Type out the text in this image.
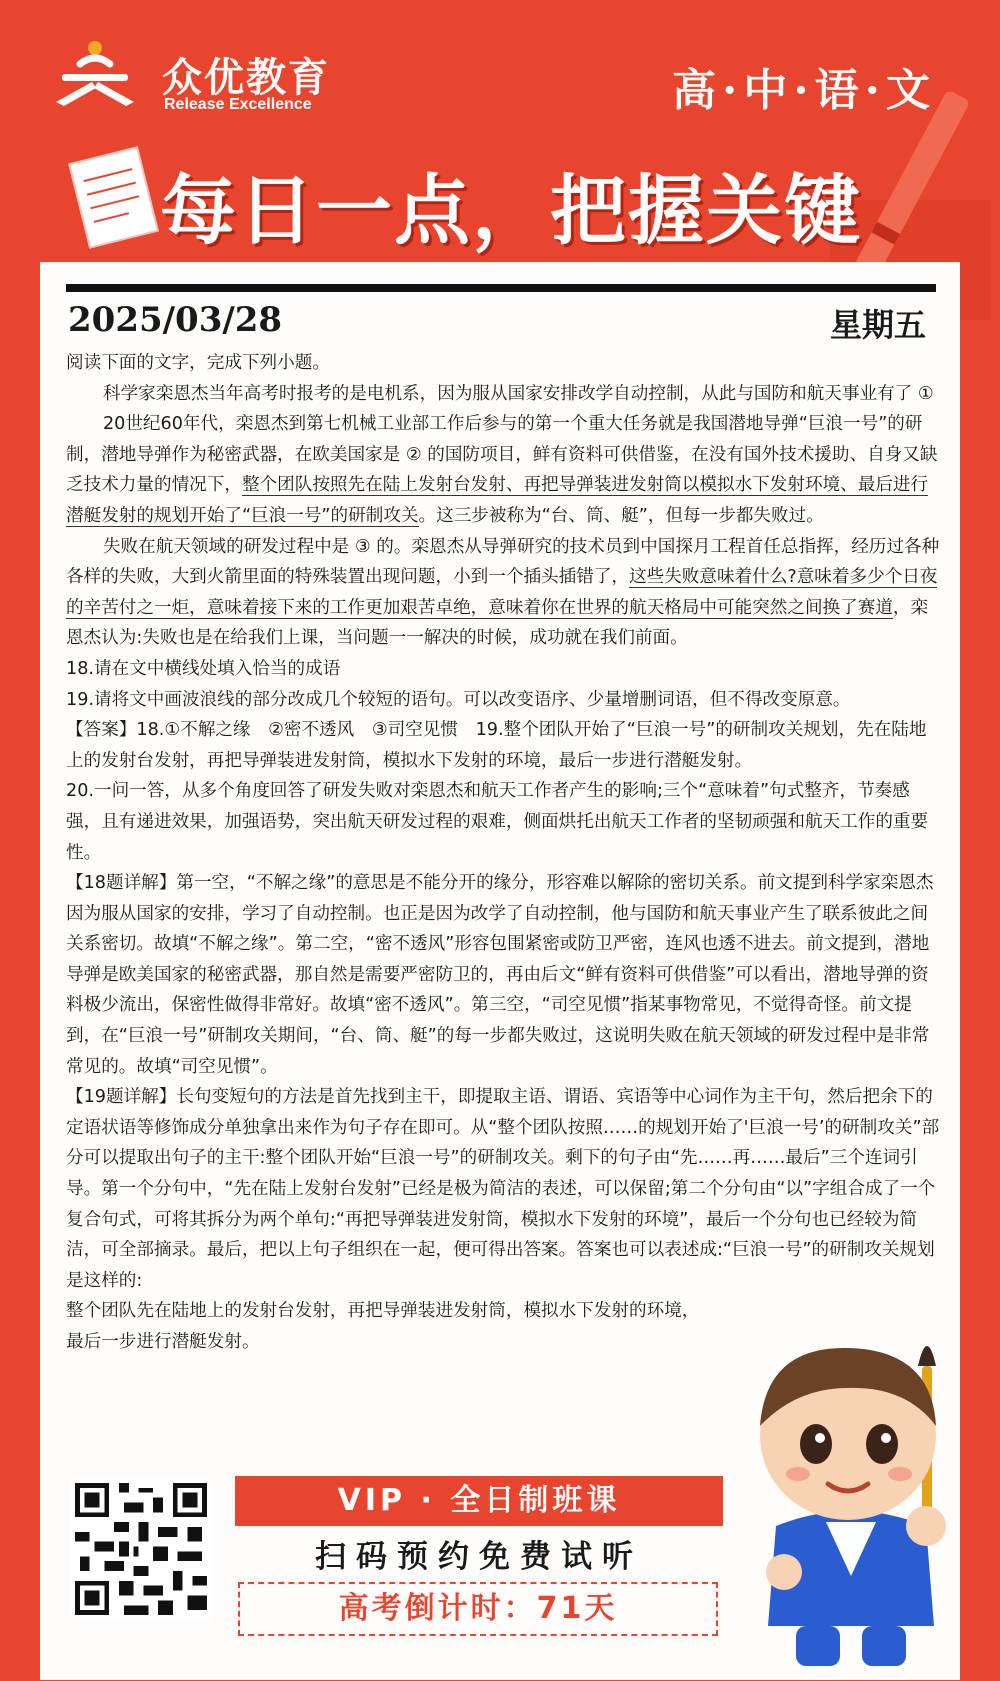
众优教育
Release Excellence	高·中·语·文
每日一点，把握关键
2025/03/28	星期五

阅读下面的文字，完成下列小题。

科学家栾恩杰当年高考时报考的是电机系，因为服从国家安排改学自动控制，从此与国防和航天事业有了 ①

20世纪60年代，栾恩杰到第七机械工业部工作后参与的第一个重大任务就是我国潜地导弹“巨浪一号”的研制，潜地导弹作为秘密武器，在欧美国家是 ② 的国防项目，鲜有资料可供借鉴，在没有国外技术援助、自身又缺乏技术力量的情况下，整个团队按照先在陆上发射台发射、再把导弹装进发射筒以模拟水下发射环境、最后进行潜艇发射的规划开始了“巨浪一号”的研制攻关。这三步被称为“台、筒、艇”，但每一步都失败过。

失败在航天领域的研发过程中是 ③ 的。栾恩杰从导弹研究的技术员到中国探月工程首任总指挥，经历过各种各样的失败，大到火箭里面的特殊装置出现问题，小到一个插头插错了，这些失败意味着什么?意味着多少个日夜的辛苦付之一炬，意味着接下来的工作更加艰苦卓绝，意味着你在世界的航天格局中可能突然之间换了赛道，栾恩杰认为:失败也是在给我们上课，当问题一一解决的时候，成功就在我们前面。

18.请在文中横线处填入恰当的成语

19.请将文中画波浪线的部分改成几个较短的语句。可以改变语序、少量增删词语，但不得改变原意。

【答案】18.①不解之缘　②密不透风　③司空见惯　19.整个团队开始了“巨浪一号”的研制攻关规划，先在陆地上的发射台发射，再把导弹装进发射筒，模拟水下发射的环境，最后一步进行潜艇发射。

20.一问一答，从多个角度回答了研发失败对栾恩杰和航天工作者产生的影响;三个“意味着”句式整齐，节奏感强，且有递进效果，加强语势，突出航天研发过程的艰难，侧面烘托出航天工作者的坚韧顽强和航天工作的重要性。

【18题详解】第一空，“不解之缘”的意思是不能分开的缘分，形容难以解除的密切关系。前文提到科学家栾恩杰因为服从国家的安排，学习了自动控制。也正是因为改学了自动控制，他与国防和航天事业产生了联系彼此之间关系密切。故填“不解之缘”。第二空，“密不透风”形容包围紧密或防卫严密，连风也透不进去。前文提到，潜地导弹是欧美国家的秘密武器，那自然是需要严密防卫的，再由后文“鲜有资料可供借鉴”可以看出，潜地导弹的资料极少流出，保密性做得非常好。故填“密不透风”。第三空，“司空见惯”指某事物常见，不觉得奇怪。前文提到，在“巨浪一号”研制攻关期间，“台、筒、艇”的每一步都失败过，这说明失败在航天领域的研发过程中是非常常见的。故填“司空见惯”。

【19题详解】长句变短句的方法是首先找到主干，即提取主语、谓语、宾语等中心词作为主干句，然后把余下的定语状语等修饰成分单独拿出来作为句子存在即可。从“整个团队按照……的规划开始了'巨浪一号’的研制攻关”部分可以提取出句子的主干:整个团队开始“巨浪一号”的研制攻关。剩下的句子由“先……再……最后”三个连词引导。第一个分句中，“先在陆上发射台发射”已经是极为简洁的表述，可以保留;第二个分句由“以”字组合成了一个复合句式，可将其拆分为两个单句:“再把导弹装进发射筒，模拟水下发射的环境”，最后一个分句也已经较为简洁，可全部摘录。最后，把以上句子组织在一起，便可得出答案。答案也可以表述成:“巨浪一号”的研制攻关规划是这样的:

整个团队先在陆地上的发射台发射，再把导弹装进发射筒，模拟水下发射的环境，

最后一步进行潜艇发射。

VIP · 全日制班课
扫码预约免费试听
高考倒计时：71天
